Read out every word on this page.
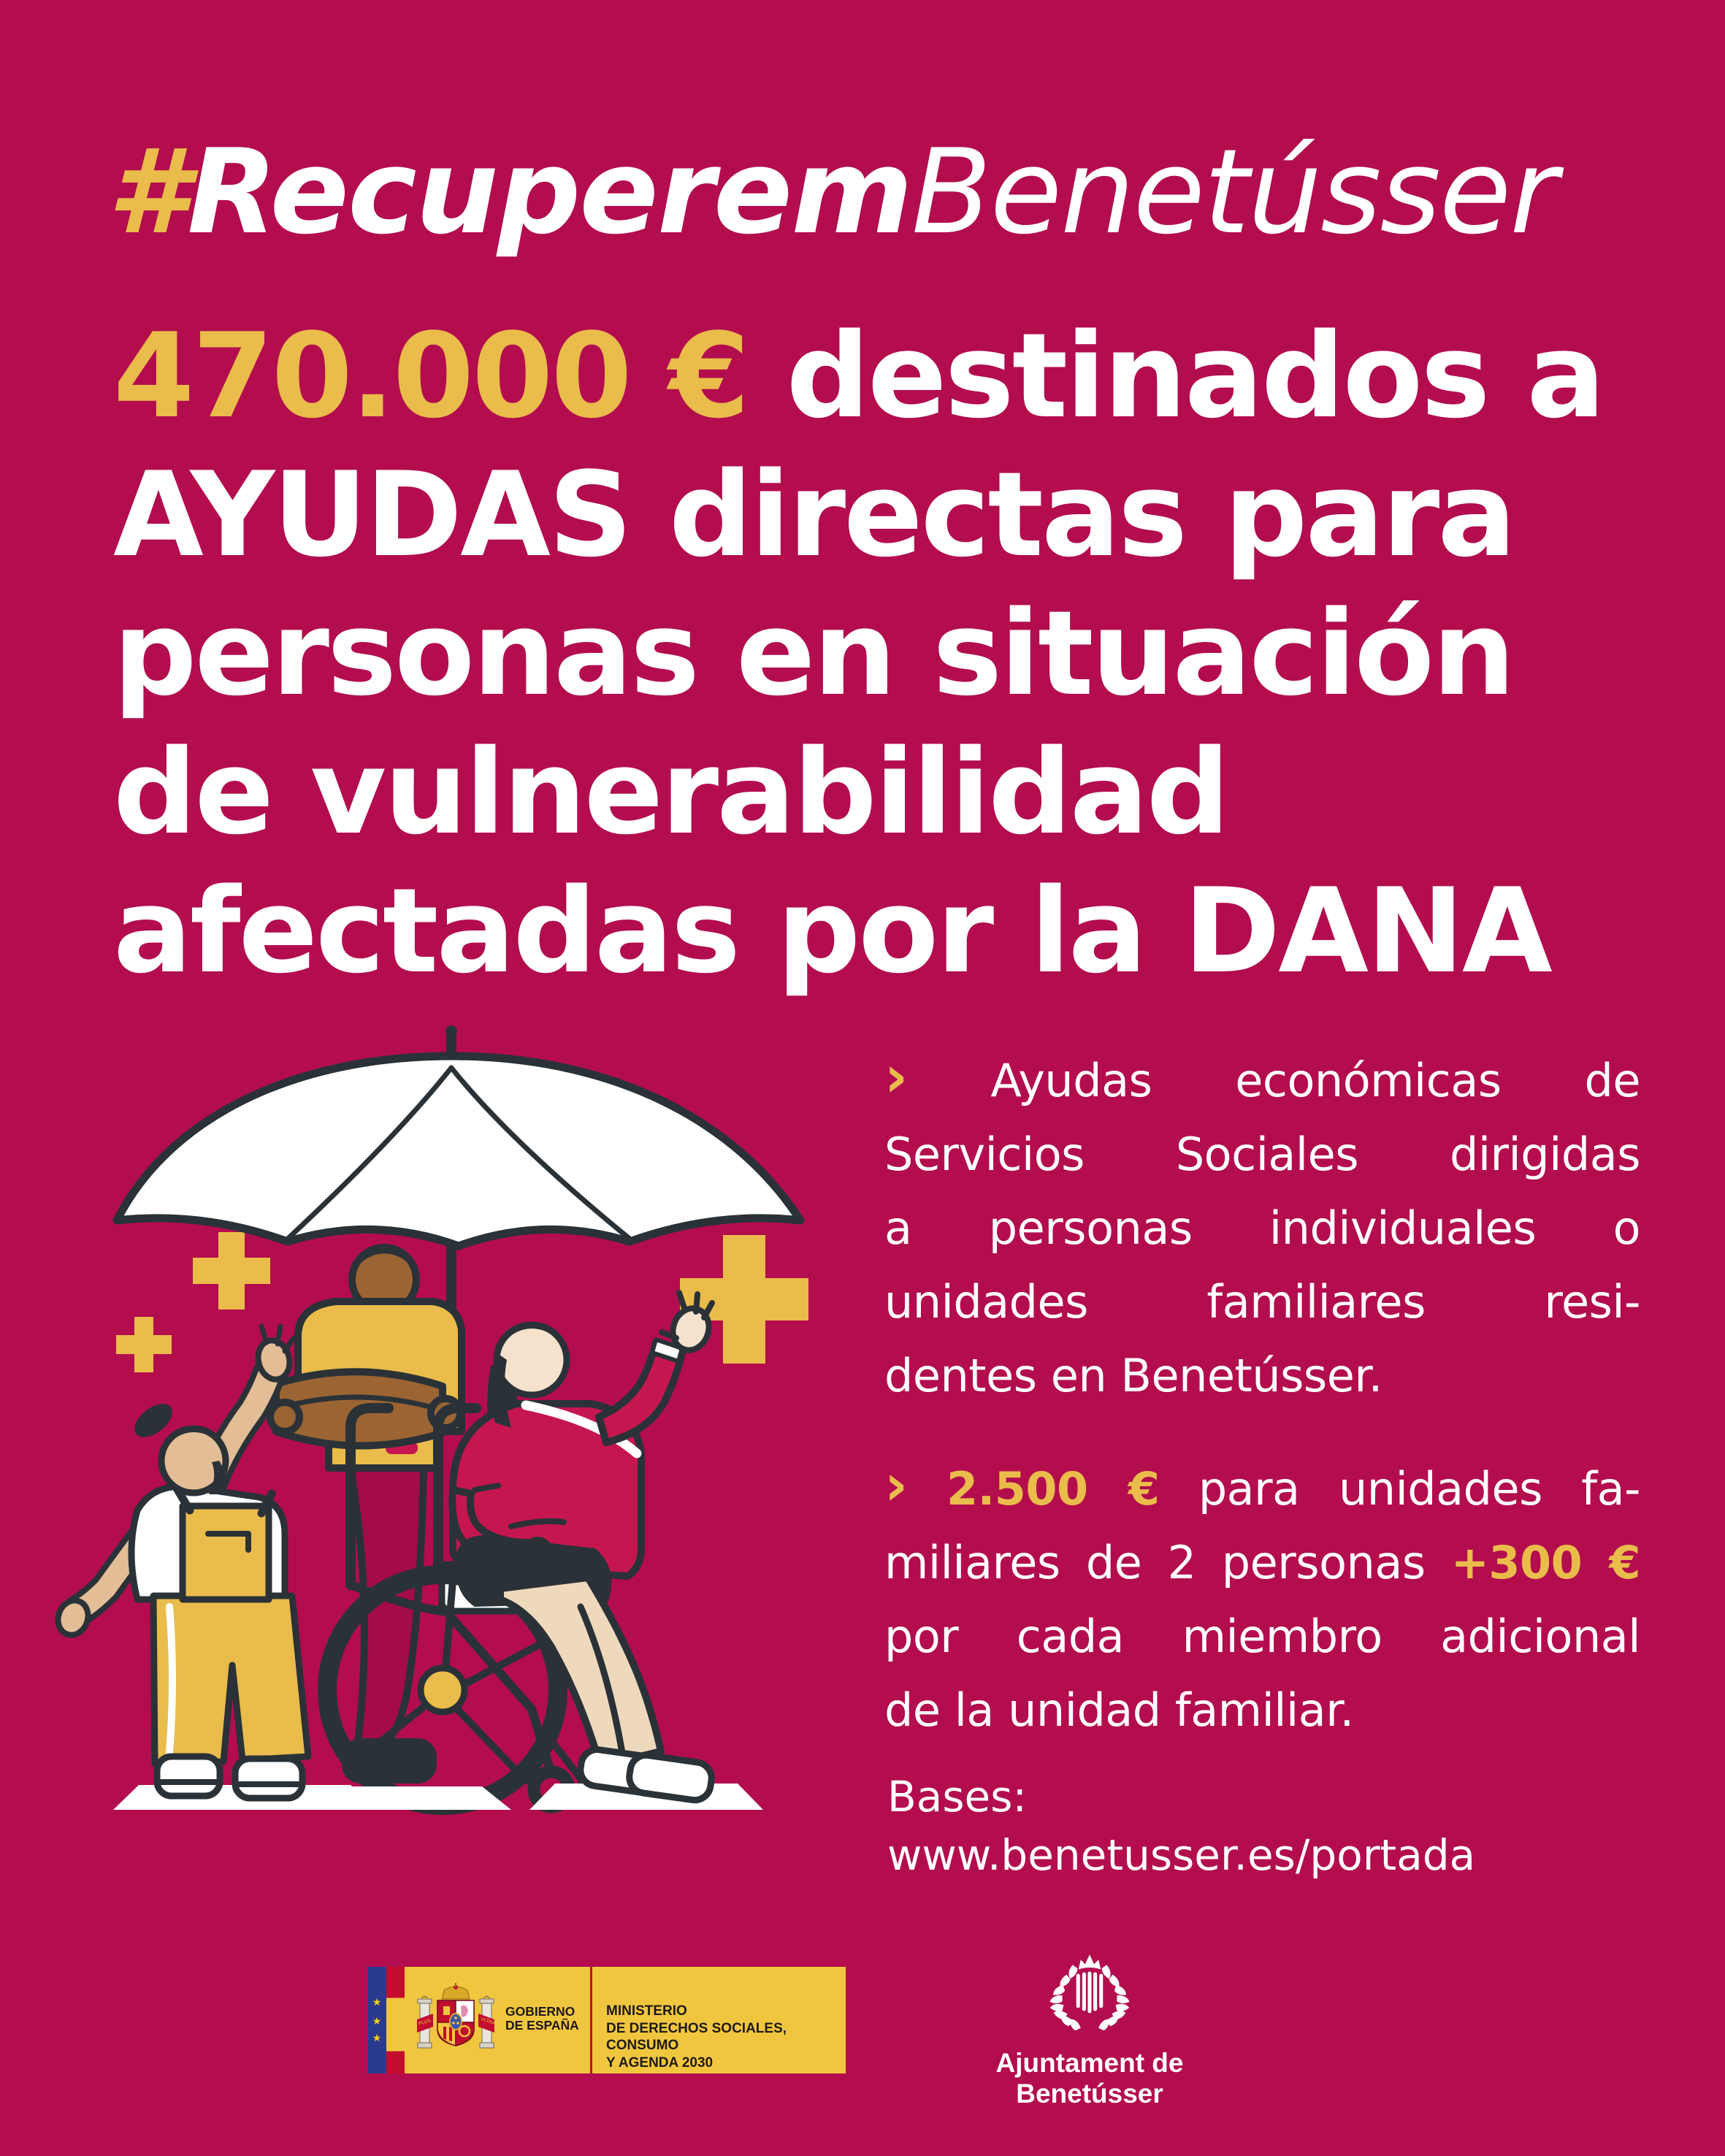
#RecuperemBenetússer
470.000 € destinados a
AYUDAS directas para
personas en situación
de vulnerabilidad
afectadas por la DANA
› Ayudas económicas de
Servicios Sociales dirigidas
a personas individuales o
unidades familiares resi-
dentes en Benetússer.
› 2.500 € para unidades fa-
miliares de 2 personas +300 €
por cada miembro adicional
de la unidad familiar.
Bases:
www.benetusser.es/portada
★
★
★
PLUS	VLTRA
GOBIERNO
DE ESPAÑA
MINISTERIO
DE DERECHOS SOCIALES, CONSUMO
Y AGENDA 2030	Ajuntament de Benetússer
